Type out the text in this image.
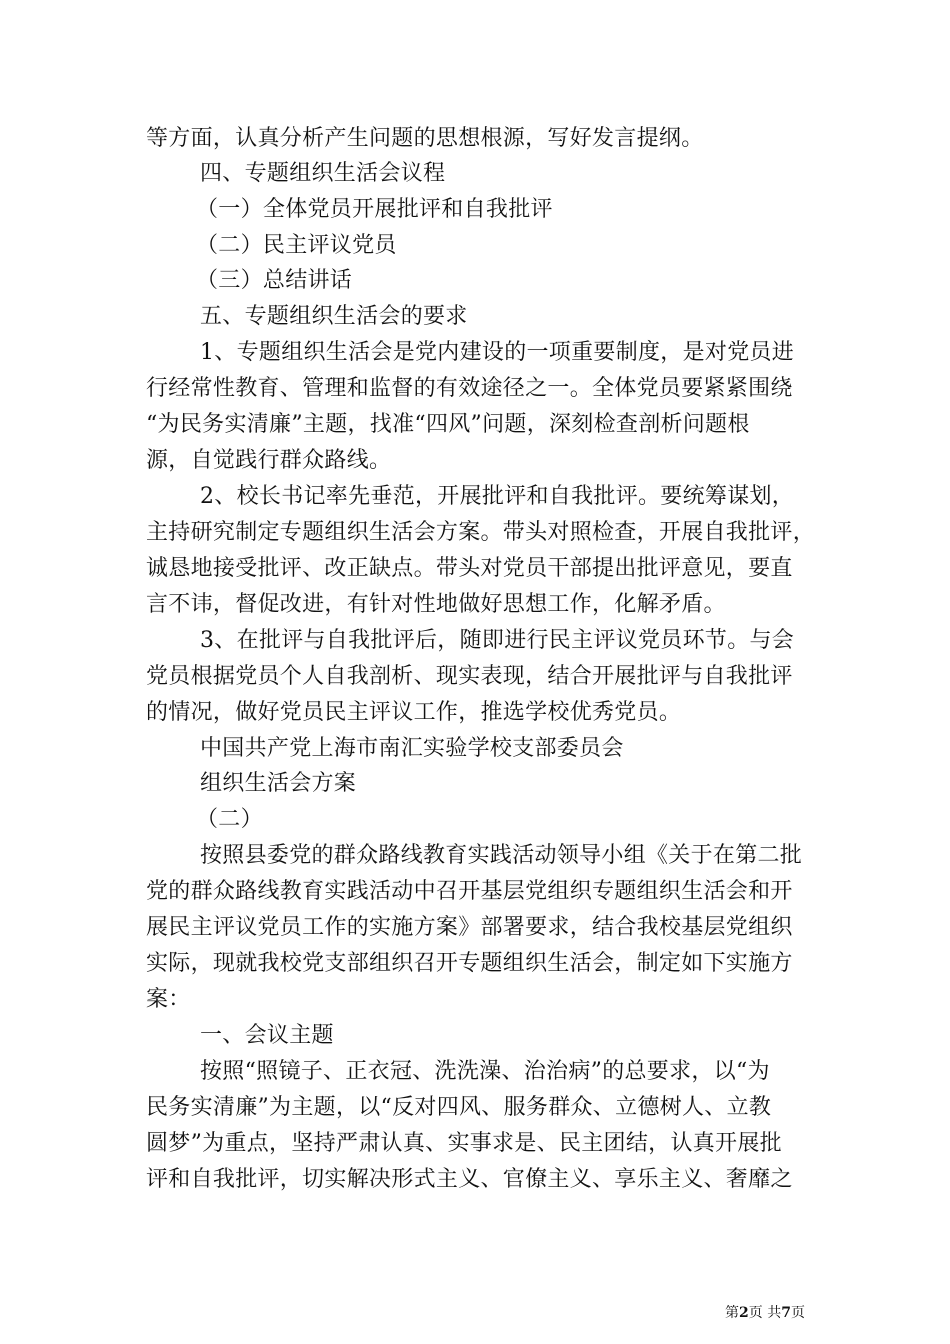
等方面，认真分析产生问题的思想根源，写好发言提纲。
四、专题组织生活会议程
（一）全体党员开展批评和自我批评
（二）民主评议党员
（三）总结讲话
五、专题组织生活会的要求
1、专题组织生活会是党内建设的一项重要制度，是对党员进
行经常性教育、管理和监督的有效途径之一。全体党员要紧紧围绕
“为民务实清廉”主题，找准“四风”问题，深刻检查剖析问题根
源，自觉践行群众路线。
2、校长书记率先垂范，开展批评和自我批评。要统筹谋划，
主持研究制定专题组织生活会方案。带头对照检查，开展自我批评，
诚恳地接受批评、改正缺点。带头对党员干部提出批评意见，要直
言不讳，督促改进，有针对性地做好思想工作，化解矛盾。
3、在批评与自我批评后，随即进行民主评议党员环节。与会
党员根据党员个人自我剖析、现实表现，结合开展批评与自我批评
的情况，做好党员民主评议工作，推选学校优秀党员。
中国共产党上海市南汇实验学校支部委员会
组织生活会方案
（二）
按照县委党的群众路线教育实践活动领导小组《关于在第二批
党的群众路线教育实践活动中召开基层党组织专题组织生活会和开
展民主评议党员工作的实施方案》部署要求，结合我校基层党组织
实际，现就我校党支部组织召开专题组织生活会，制定如下实施方
案：
一、会议主题
按照“照镜子、正衣冠、洗洗澡、治治病”的总要求，以“为
民务实清廉”为主题，以“反对四风、服务群众、立德树人、立教
圆梦”为重点，坚持严肃认真、实事求是、民主团结，认真开展批
评和自我批评，切实解决形式主义、官僚主义、享乐主义、奢靡之
第2页 共7页
